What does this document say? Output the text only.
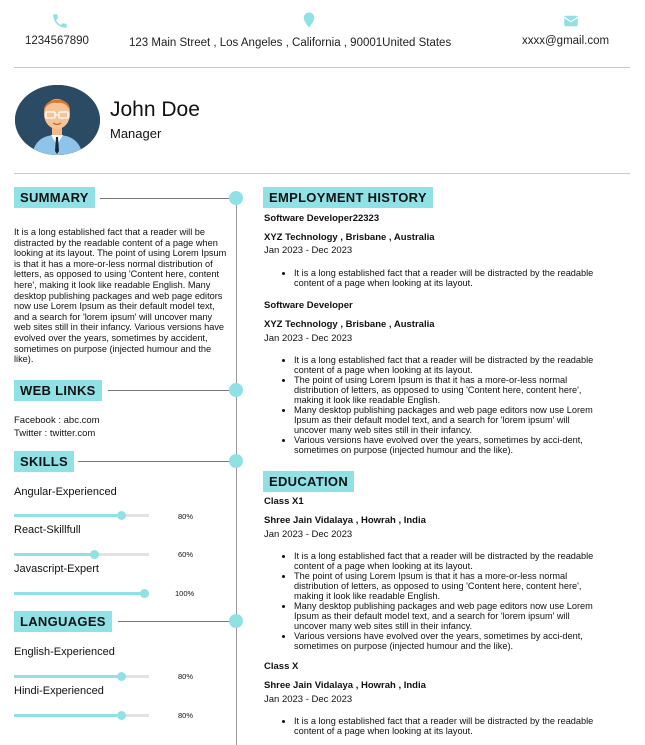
1234567890	123 Main Street , Los Angeles , California , 90001United States	xxxx@gmail.com
John Doe
Manager
SUMMARY
It is a long established fact that a reader will be distracted by the readable content of a page when looking at its layout. The point of using Lorem Ipsum is that it has a more-or-less normal distribution of letters, as opposed to using 'Content here, content here', making it look like readable English. Many desktop publishing packages and web page editors now use Lorem Ipsum as their default model text, and a search for 'lorem ipsum' will uncover many web sites still in their infancy. Various versions have evolved over the years, sometimes by accident, sometimes on purpose (injected humour and the like).
WEB LINKS
Facebook : abc.com
Twitter : twitter.com
SKILLS
Angular-Experienced
80%
React-Skillfull
60%
Javascript-Expert
100%
LANGUAGES
English-Experienced
80%
Hindi-Experienced
80%
EMPLOYMENT HISTORY
Software Developer22323
XYZ Technology , Brisbane , Australia
Jan 2023 - Dec 2023
• It is a long established fact that a reader will be distracted by the readable content of a page when looking at its layout.
Software Developer
XYZ Technology , Brisbane , Australia
Jan 2023 - Dec 2023
• It is a long established fact that a reader will be distracted by the readable content of a page when looking at its layout.
• The point of using Lorem Ipsum is that it has a more-or-less normal distribution of letters, as opposed to using 'Content here, content here', making it look like readable English.
• Many desktop publishing packages and web page editors now use Lorem Ipsum as their default model text, and a search for 'lorem ipsum' will uncover many web sites still in their infancy.
• Various versions have evolved over the years, sometimes by acci-dent, sometimes on purpose (injected humour and the like).
EDUCATION
Class X1
Shree Jain Vidalaya , Howrah , India
Jan 2023 - Dec 2023
• It is a long established fact that a reader will be distracted by the readable content of a page when looking at its layout.
• The point of using Lorem Ipsum is that it has a more-or-less normal distribution of letters, as opposed to using 'Content here, content here', making it look like readable English.
• Many desktop publishing packages and web page editors now use Lorem Ipsum as their default model text, and a search for 'lorem ipsum' will uncover many web sites still in their infancy.
• Various versions have evolved over the years, sometimes by acci-dent, sometimes on purpose (injected humour and the like).
Class X
Shree Jain Vidalaya , Howrah , India
Jan 2023 - Dec 2023
• It is a long established fact that a reader will be distracted by the readable content of a page when looking at its layout.
